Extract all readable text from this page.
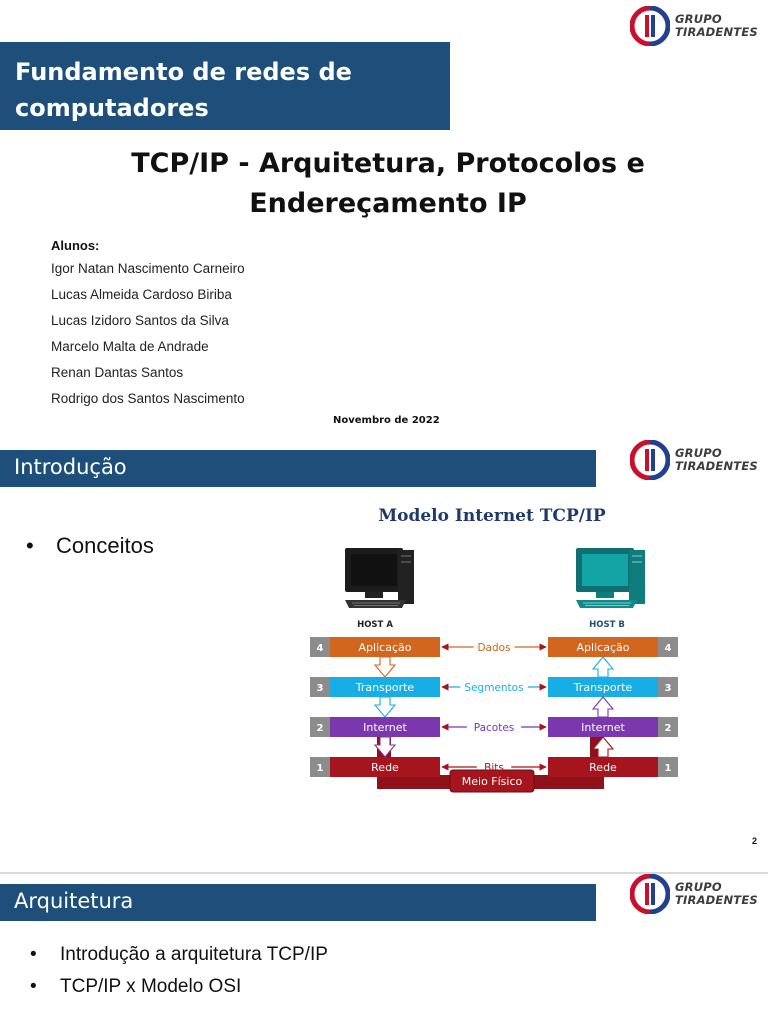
GRUPO
TIRADENTES
Fundamento de redes de computadores
TCP/IP - Arquitetura, Protocolos e Endereçamento IP
Alunos:
Igor Natan Nascimento Carneiro
Lucas Almeida Cardoso Biriba
Lucas Izidoro Santos da Silva
Marcelo Malta de Andrade
Renan Dantas Santos
Rodrigo dos Santos Nascimento
Novembro de 2022
GRUPO
TIRADENTES
Introdução
• Conceitos
Modelo Internet TCP/IP
HOST A	HOST B
Meio Físico
4	Aplicação	Aplicação	4
Dados
3	Transporte	Transporte	3
Segmentos
2	Internet	Internet	2
Pacotes
1	Rede	Rede	1
Bits
2
GRUPO
TIRADENTES
Arquitetura
• Introdução a arquitetura TCP/IP
• TCP/IP x Modelo OSI
